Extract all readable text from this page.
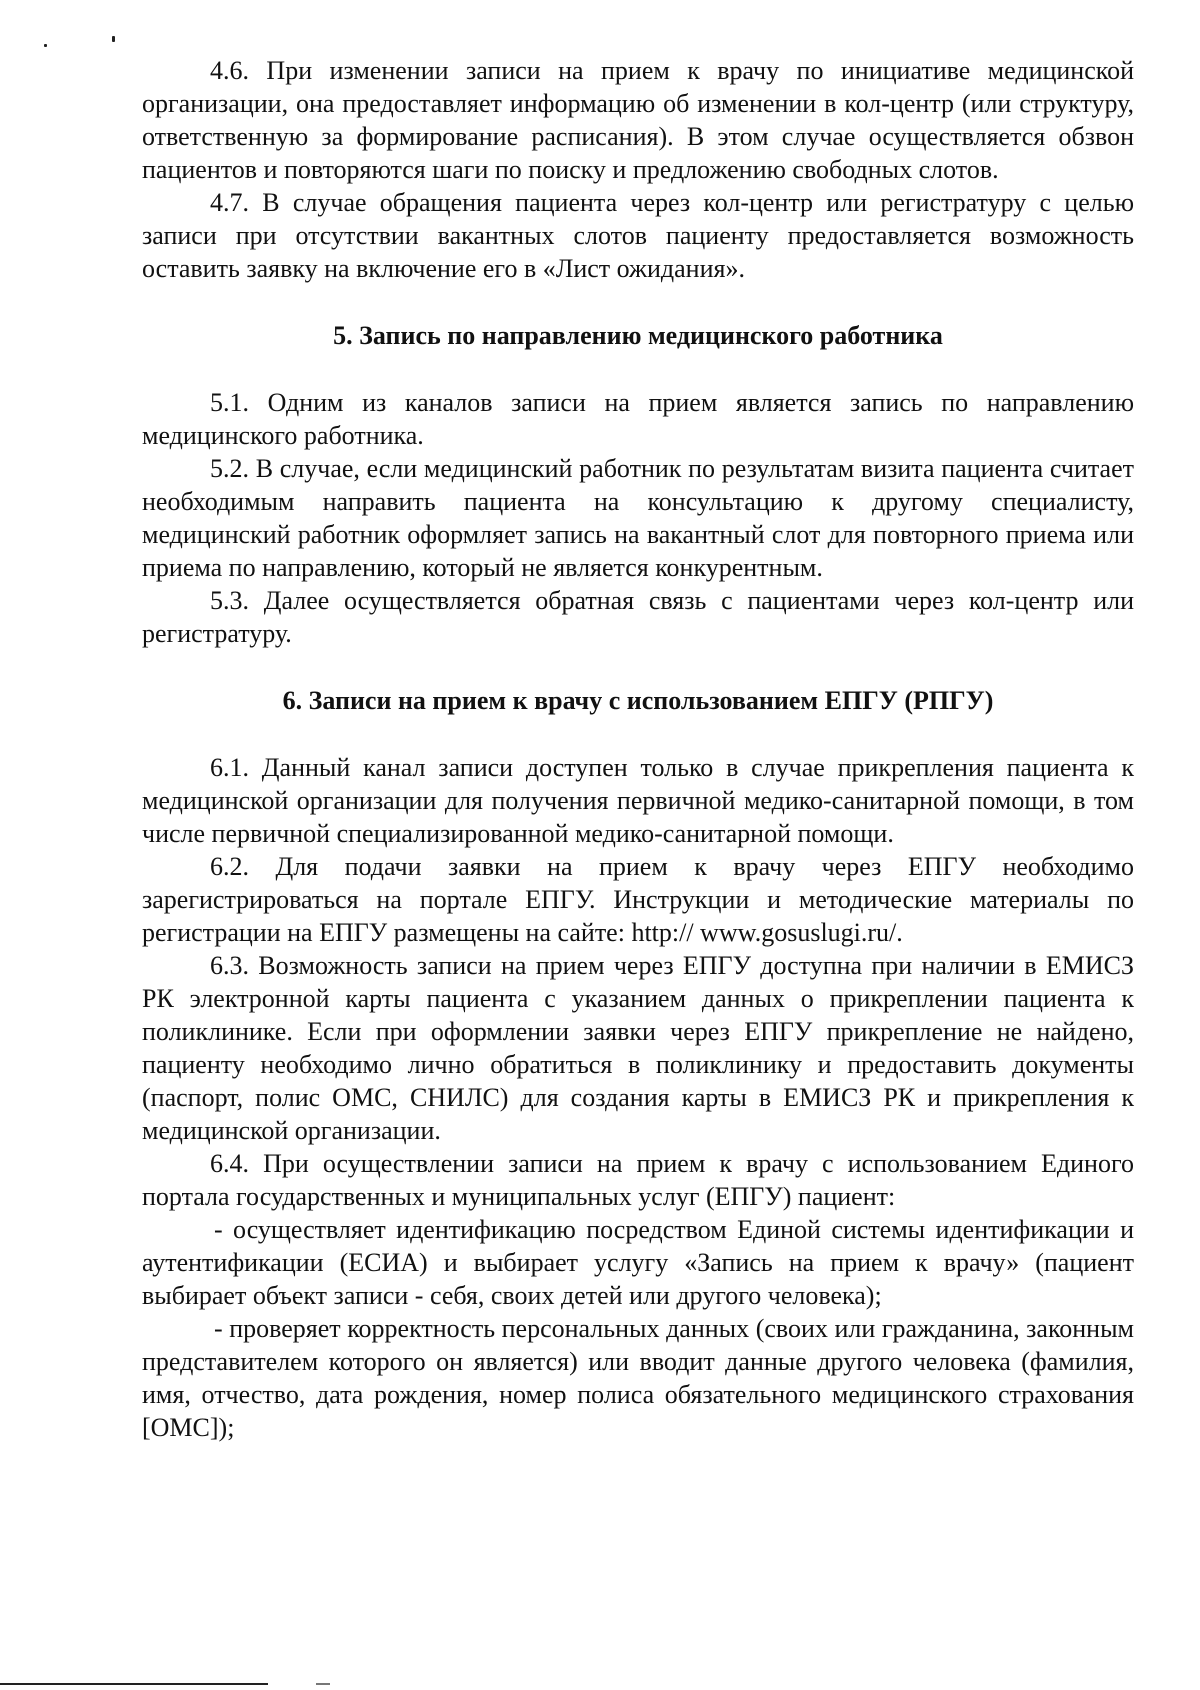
4.6. При изменении записи на прием к врачу по инициативе медицинской организации, она предоставляет информацию об изменении в кол-центр (или структуру, ответственную за формирование расписания). В этом случае осуществляется обзвон пациентов и повторяются шаги по поиску и предложению свободных слотов.

4.7. В случае обращения пациента через кол-центр или регистратуру с целью записи при отсутствии вакантных слотов пациенту предоставляется возможность оставить заявку на включение его в «Лист ожидания».

5. Запись по направлению медицинского работника

5.1. Одним из каналов записи на прием является запись по направлению медицинского работника.

5.2. В случае, если медицинский работник по результатам визита пациента считает необходимым направить пациента на консультацию к другому специалисту, медицинский работник оформляет запись на вакантный слот для повторного приема или приема по направлению, который не является конкурентным.

5.3. Далее осуществляется обратная связь с пациентами через кол-центр или регистратуру.

6. Записи на прием к врачу с использованием ЕПГУ (РПГУ)

6.1. Данный канал записи доступен только в случае прикрепления пациента к медицинской организации для получения первичной медико-санитарной помощи, в том числе первичной специализированной медико-санитарной помощи.

6.2. Для подачи заявки на прием к врачу через ЕПГУ необходимо зарегистрироваться на портале ЕПГУ. Инструкции и методические материалы по регистрации на ЕПГУ размещены на сайте: http:// www.gosuslugi.ru/.

6.3. Возможность записи на прием через ЕПГУ доступна при наличии в ЕМИСЗ РК электронной карты пациента с указанием данных о прикреплении пациента к поликлинике. Если при оформлении заявки через ЕПГУ прикрепление не найдено, пациенту необходимо лично обратиться в поликлинику и предоставить документы (паспорт, полис ОМС, СНИЛС) для создания карты в ЕМИСЗ РК и прикрепления к медицинской организации.

6.4. При осуществлении записи на прием к врачу с использованием Единого портала государственных и муниципальных услуг (ЕПГУ) пациент:

- осуществляет идентификацию посредством Единой системы идентификации и аутентификации (ЕСИА) и выбирает услугу «Запись на прием к врачу» (пациент выбирает объект записи - себя, своих детей или другого человека);

- проверяет корректность персональных данных (своих или гражданина, законным представителем которого он является) или вводит данные другого человека (фамилия, имя, отчество, дата рождения, номер полиса обязательного медицинского страхования [ОМС]);
